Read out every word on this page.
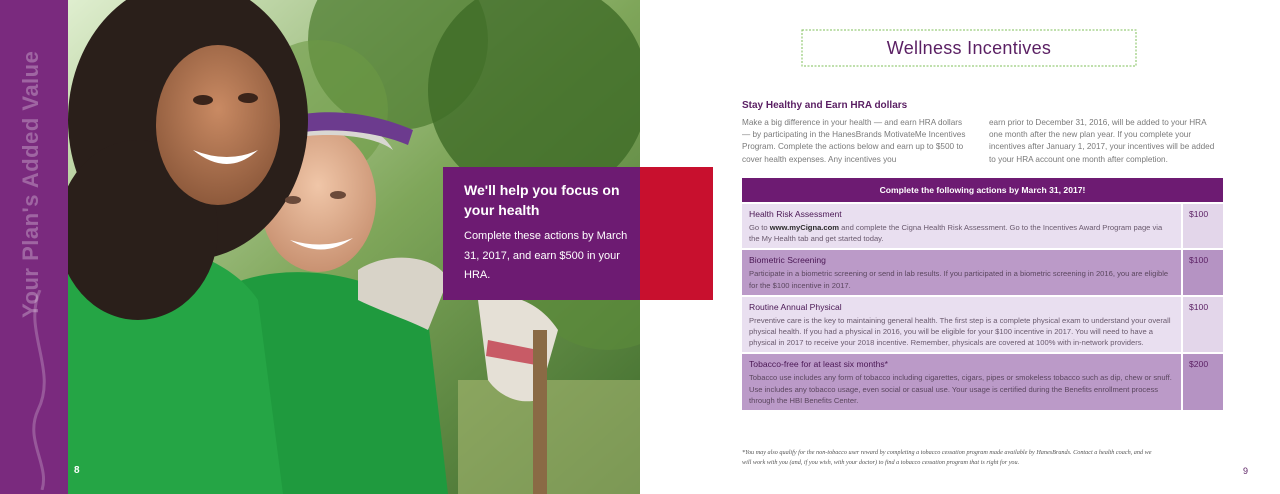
Your Plan's Added Value
8
We'll help you focus on your health
Complete these actions by March 31, 2017, and earn $500 in your HRA.
Wellness Incentives
Stay Healthy and Earn HRA dollars
Make a big difference in your health — and earn HRA dollars — by participating in the HanesBrands MotivateMe Incentives Program. Complete the actions below and earn up to $500 to cover health expenses. Any incentives you
earn prior to December 31, 2016, will be added to your HRA one month after the new plan year. If you complete your incentives after January 1, 2017, your incentives will be added to your HRA account one month after completion.
Complete the following actions by March 31, 2017!
Health Risk Assessment
Go to www.myCigna.com and complete the Cigna Health Risk Assessment. Go to the Incentives Award Program page via the My Health tab and get started today.
$100
Biometric Screening
Participate in a biometric screening or send in lab results. If you participated in a biometric screening in 2016, you are eligible for the $100 incentive in 2017.
$100
Routine Annual Physical
Preventive care is the key to maintaining general health. The first step is a complete physical exam to understand your overall physical health. If you had a physical in 2016, you will be eligible for your $100 incentive in 2017. You will need to have a physical in 2017 to receive your 2018 incentive. Remember, physicals are covered at 100% with in-network providers.
$100
Tobacco-free for at least six months*
Tobacco use includes any form of tobacco including cigarettes, cigars, pipes or smokeless tobacco such as dip, chew or snuff. Use includes any tobacco usage, even social or casual use. Your usage is certified during the Benefits enrollment process through the HBI Benefits Center.
$200
*You may also qualify for the non-tobacco user reward by completing a tobacco cessation program made available by HanesBrands. Contact a health coach, and we will work with you (and, if you wish, with your doctor) to find a tobacco cessation program that is right for you.
9
